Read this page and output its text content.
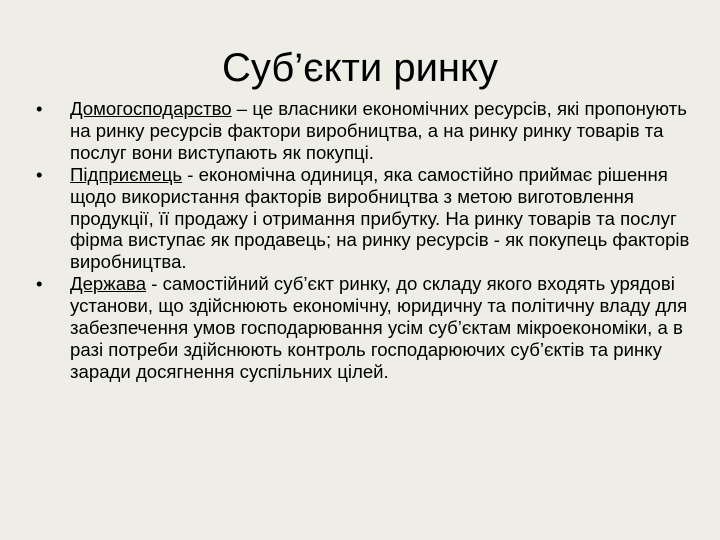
Суб’єкти ринку
•	Домогосподарство – це власники економічних ресурсів, які пропонують на ринку ресурсів фактори виробництва, а на ринку ринку товарів та послуг вони виступають як покупці.
•	Підприємець - економічна одиниця, яка самостійно приймає рішення щодо використання факторів виробництва з метою виготовлення продукції, її продажу і отримання прибутку. На ринку товарів та послуг фірма виступає як продавець; на ринку ресурсів - як покупець факторів виробництва.
•	Держава - самостійний суб’єкт ринку, до складу якого входять урядові установи, що здійснюють економічну, юридичну та політичну владу для забезпечення умов господарювання усім суб’єктам мікроекономіки, а в разі потреби здійснюють контроль господарюючих суб’єктів та ринку заради досягнення суспільних цілей.
